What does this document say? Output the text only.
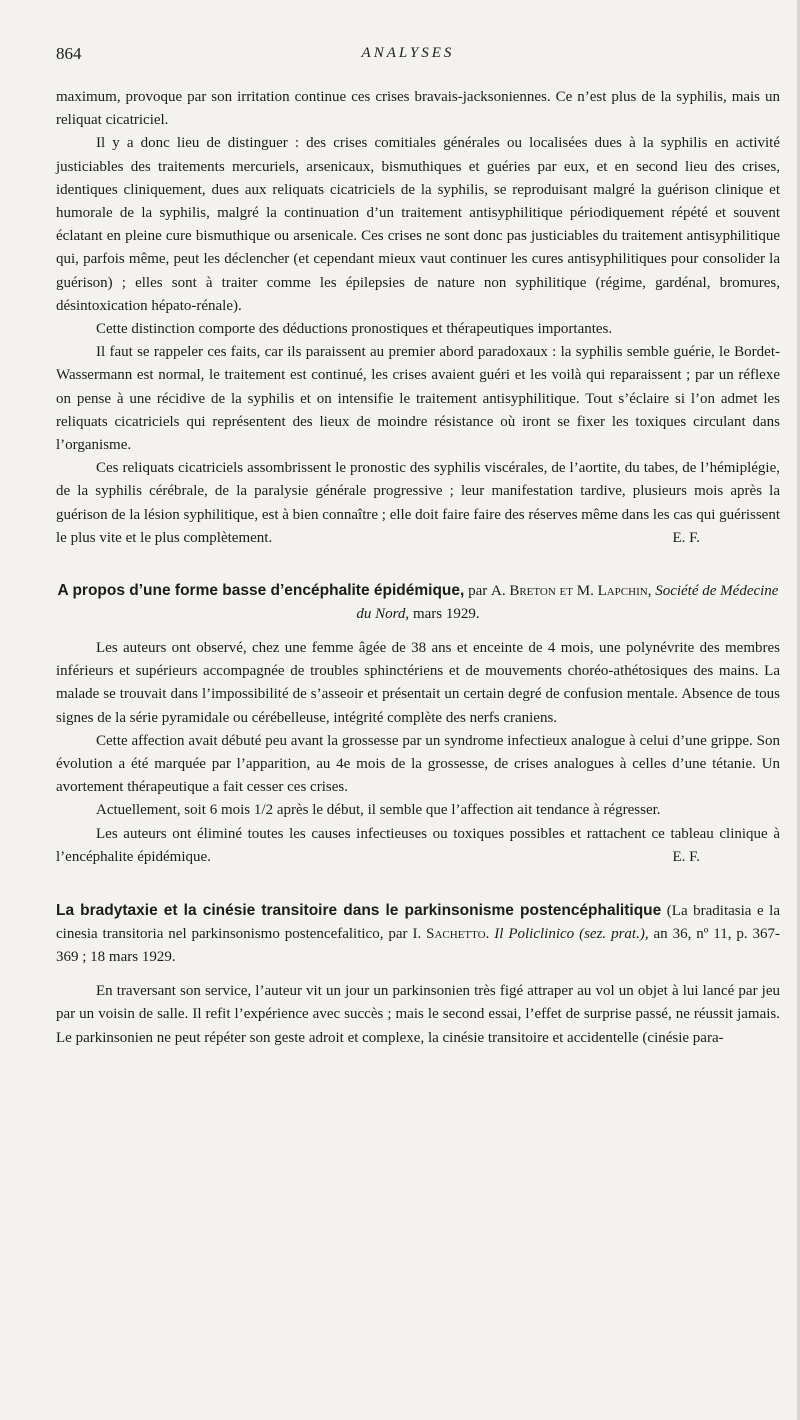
864	ANALYSES

maximum, provoque par son irritation continue ces crises bravais-jacksoniennes. Ce n’est plus de la syphilis, mais un reliquat cicatriciel.

Il y a donc lieu de distinguer : des crises comitiales générales ou localisées dues à la syphilis en activité justiciables des traitements mercuriels, arsenicaux, bismuthiques et guéries par eux, et en second lieu des crises, identiques cliniquement, dues aux reliquats cicatriciels de la syphilis, se reproduisant malgré la guérison clinique et humorale de la syphilis, malgré la continuation d’un traitement antisyphilitique périodiquement répété et souvent éclatant en pleine cure bismuthique ou arsenicale. Ces crises ne sont donc pas justiciables du traitement antisyphilitique qui, parfois même, peut les déclencher (et cependant mieux vaut continuer les cures antisyphilitiques pour consolider la guérison) ; elles sont à traiter comme les épilepsies de nature non syphilitique (régime, gardénal, bromures, désintoxication hépato-rénale).

Cette distinction comporte des déductions pronostiques et thérapeutiques importantes.

Il faut se rappeler ces faits, car ils paraissent au premier abord paradoxaux : la syphilis semble guérie, le Bordet-Wassermann est normal, le traitement est continué, les crises avaient guéri et les voilà qui reparaissent ; par un réflexe on pense à une récidive de la syphilis et on intensifie le traitement antisyphilitique. Tout s’éclaire si l’on admet les reliquats cicatriciels qui représentent des lieux de moindre résistance où iront se fixer les toxiques circulant dans l’organisme.

Ces reliquats cicatriciels assombrissent le pronostic des syphilis viscérales, de l’aortite, du tabes, de l’hémiplégie, de la syphilis cérébrale, de la paralysie générale progressive ; leur manifestation tardive, plusieurs mois après la guérison de la lésion syphilitique, est à bien connaître ; elle doit faire faire des réserves même dans les cas qui guérissent le plus vite et le plus complètement.	E. F.

A propos d’une forme basse d’encéphalite épidémique, par A. Breton et M. Lapchin, Société de Médecine du Nord, mars 1929.

Les auteurs ont observé, chez une femme âgée de 38 ans et enceinte de 4 mois, une polynévrite des membres inférieurs et supérieurs accompagnée de troubles sphinctériens et de mouvements choréo-athétosiques des mains. La malade se trouvait dans l’impossibilité de s’asseoir et présentait un certain degré de confusion mentale. Absence de tous signes de la série pyramidale ou cérébelleuse, intégrité complète des nerfs craniens.

Cette affection avait débuté peu avant la grossesse par un syndrome infectieux analogue à celui d’une grippe. Son évolution a été marquée par l’apparition, au 4e mois de la grossesse, de crises analogues à celles d’une tétanie. Un avortement thérapeutique a fait cesser ces crises.

Actuellement, soit 6 mois 1/2 après le début, il semble que l’affection ait tendance à régresser.

Les auteurs ont éliminé toutes les causes infectieuses ou toxiques possibles et rattachent ce tableau clinique à l’encéphalite épidémique.	E. F.

La bradytaxie et la cinésie transitoire dans le parkinsonisme postencéphalitique (La braditasia e la cinesia transitoria nel parkinsonismo postencefalitico, par I. Sachetto. Il Policlinico (sez. prat.), an 36, nº 11, p. 367-369 ; 18 mars 1929.

En traversant son service, l’auteur vit un jour un parkinsonien très figé attraper au vol un objet à lui lancé par jeu par un voisin de salle. Il refit l’expérience avec succès ; mais le second essai, l’effet de surprise passé, ne réussit jamais. Le parkinsonien ne peut répéter son geste adroit et complexe, la cinésie transitoire et accidentelle (cinésie para-
